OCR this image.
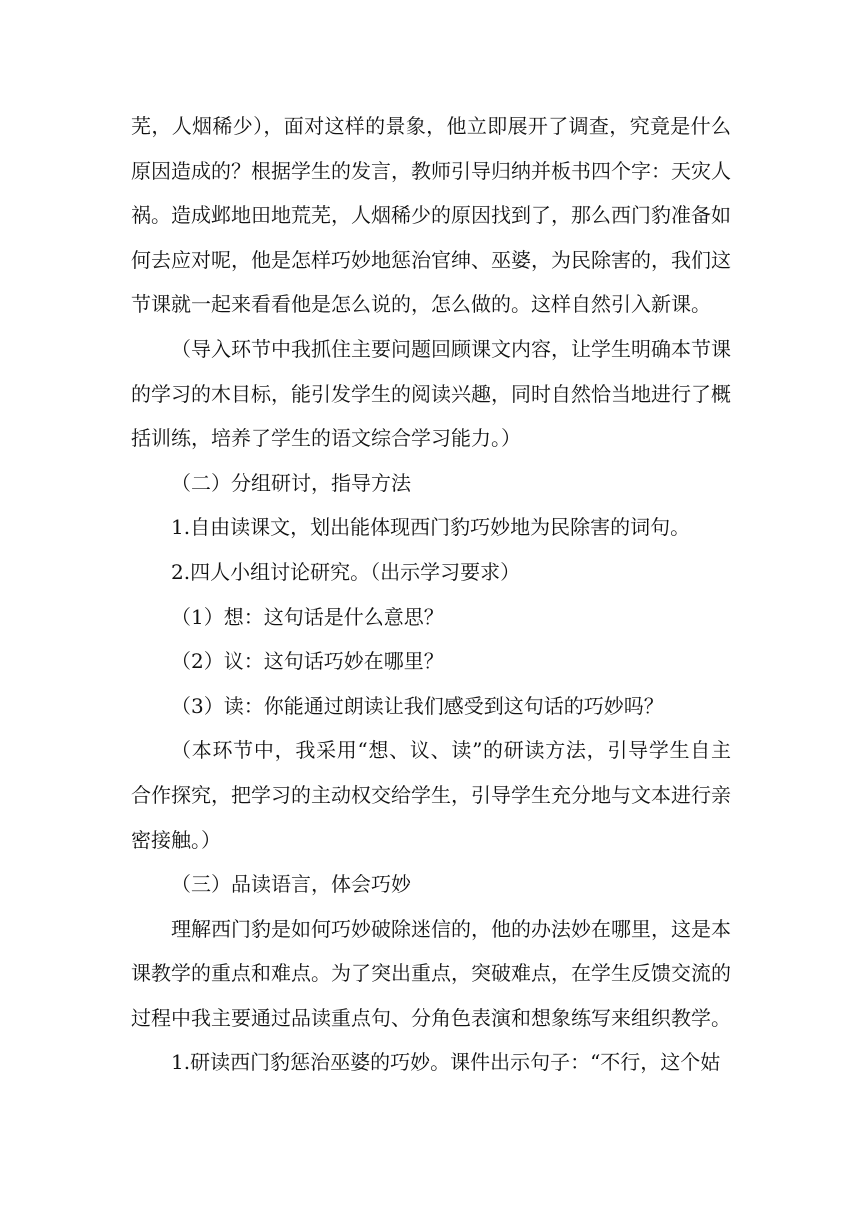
芜，人烟稀少），面对这样的景象，他立即展开了调查，究竟是什么原因造成的？根据学生的发言，教师引导归纳并板书四个字：天灾人祸。造成邺地田地荒芜，人烟稀少的原因找到了，那么西门豹准备如何去应对呢，他是怎样巧妙地惩治官绅、巫婆，为民除害的，我们这节课就一起来看看他是怎么说的，怎么做的。这样自然引入新课。

（导入环节中我抓住主要问题回顾课文内容，让学生明确本节课的学习的木目标，能引发学生的阅读兴趣，同时自然恰当地进行了概括训练，培养了学生的语文综合学习能力。）

（二）分组研讨，指导方法

1.自由读课文，划出能体现西门豹巧妙地为民除害的词句。

2.四人小组讨论研究。（出示学习要求）

（1）想：这句话是什么意思？

（2）议：这句话巧妙在哪里？

（3）读：你能通过朗读让我们感受到这句话的巧妙吗？

（本环节中，我采用“想、议、读”的研读方法，引导学生自主合作探究，把学习的主动权交给学生，引导学生充分地与文本进行亲密接触。）

（三）品读语言，体会巧妙

理解西门豹是如何巧妙破除迷信的，他的办法妙在哪里，这是本课教学的重点和难点。为了突出重点，突破难点，在学生反馈交流的过程中我主要通过品读重点句、分角色表演和想象练写来组织教学。

1.研读西门豹惩治巫婆的巧妙。课件出示句子：“不行，这个姑
